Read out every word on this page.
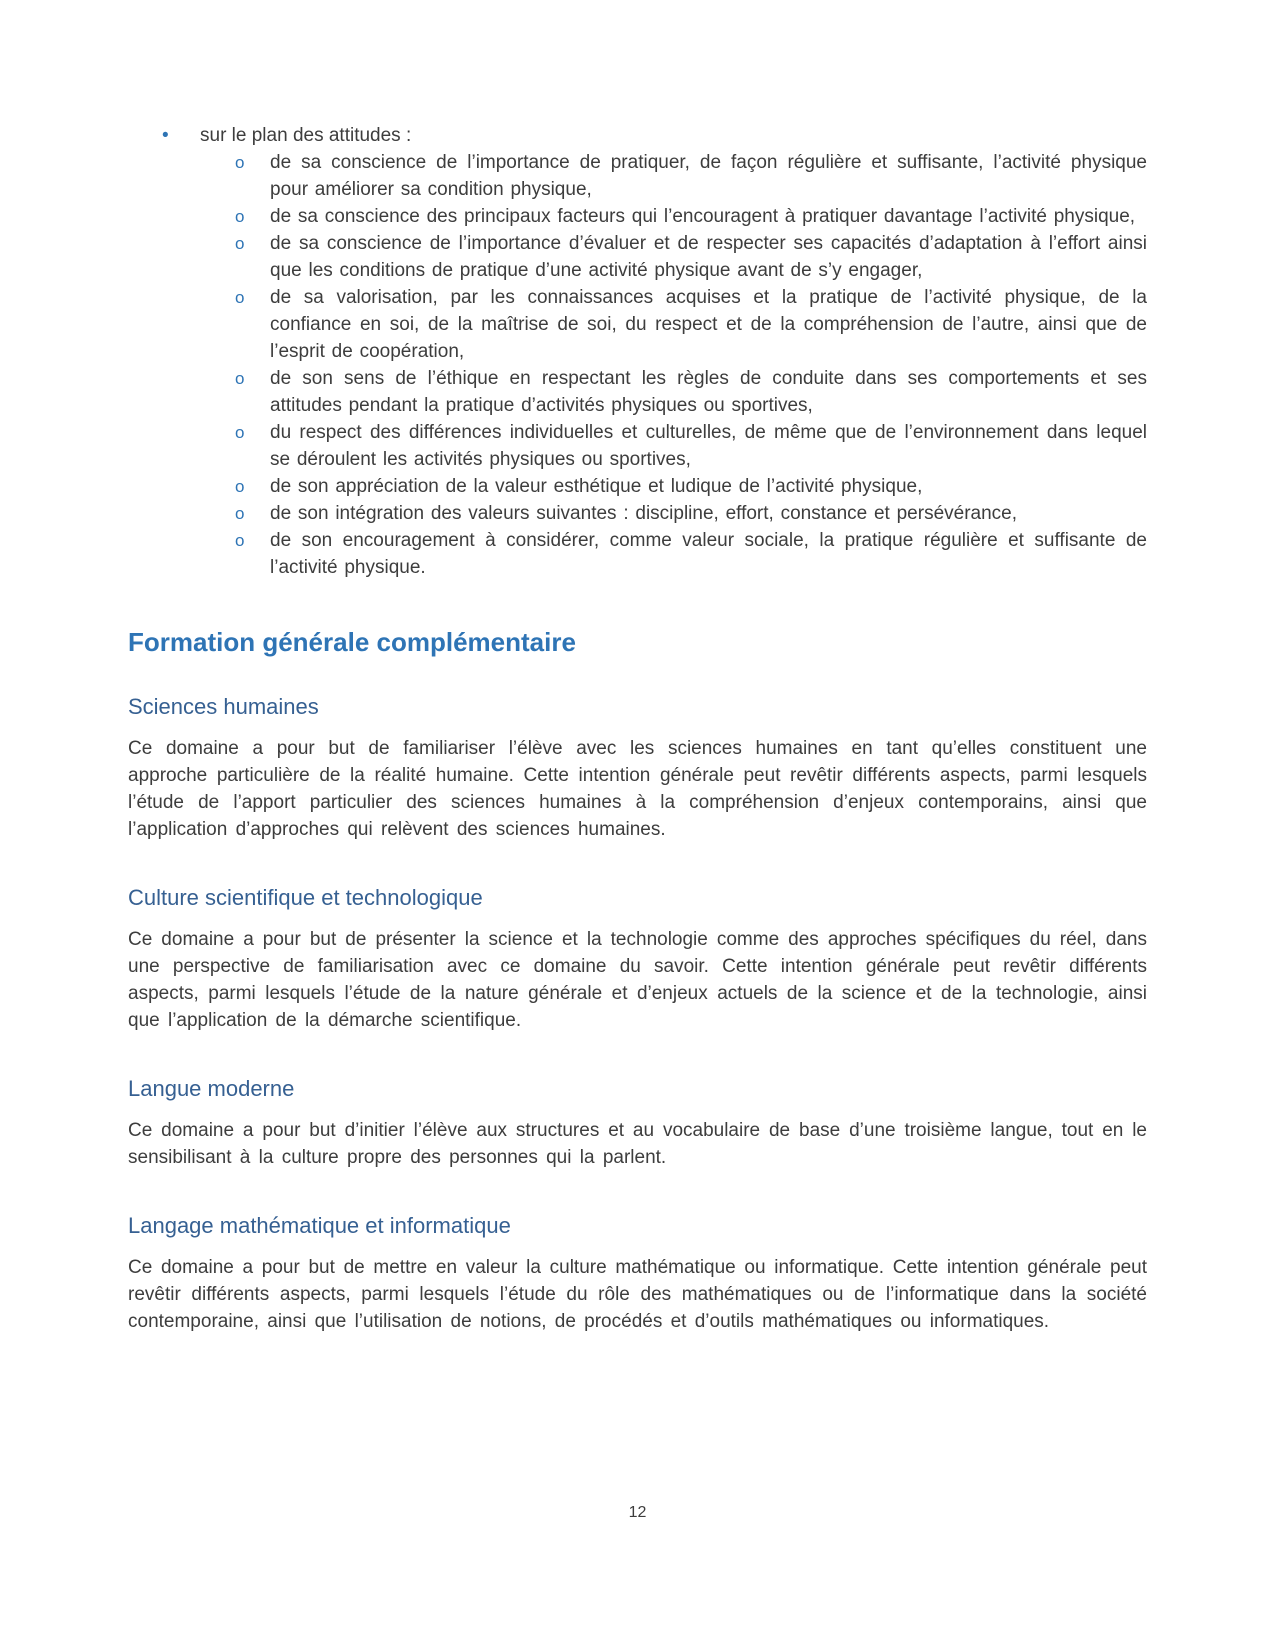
•	sur le plan des attitudes :
o	de sa conscience de l’importance de pratiquer, de façon régulière et suffisante, l’activité physique pour améliorer sa condition physique,
o	de sa conscience des principaux facteurs qui l’encouragent à pratiquer davantage l’activité physique,
o	de sa conscience de l’importance d’évaluer et de respecter ses capacités d’adaptation à l’effort ainsi que les conditions de pratique d’une activité physique avant de s’y engager,
o	de sa valorisation, par les connaissances acquises et la pratique de l’activité physique, de la confiance en soi, de la maîtrise de soi, du respect et de la compréhension de l’autre, ainsi que de l’esprit de coopération,
o	de son sens de l’éthique en respectant les règles de conduite dans ses comportements et ses attitudes pendant la pratique d’activités physiques ou sportives,
o	du respect des différences individuelles et culturelles, de même que de l’environnement dans lequel se déroulent les activités physiques ou sportives,
o	de son appréciation de la valeur esthétique et ludique de l’activité physique,
o	de son intégration des valeurs suivantes : discipline, effort, constance et persévérance,
o	de son encouragement à considérer, comme valeur sociale, la pratique régulière et suffisante de l’activité physique.
Formation générale complémentaire
Sciences humaines

Ce domaine a pour but de familiariser l’élève avec les sciences humaines en tant qu’elles constituent une approche particulière de la réalité humaine. Cette intention générale peut revêtir différents aspects, parmi lesquels l’étude de l’apport particulier des sciences humaines à la compréhension d’enjeux contemporains, ainsi que l’application d’approches qui relèvent des sciences humaines.

Culture scientifique et technologique

Ce domaine a pour but de présenter la science et la technologie comme des approches spécifiques du réel, dans une perspective de familiarisation avec ce domaine du savoir. Cette intention générale peut revêtir différents aspects, parmi lesquels l’étude de la nature générale et d’enjeux actuels de la science et de la technologie, ainsi que l’application de la démarche scientifique.

Langue moderne

Ce domaine a pour but d’initier l’élève aux structures et au vocabulaire de base d’une troisième langue, tout en le sensibilisant à la culture propre des personnes qui la parlent.

Langage mathématique et informatique

Ce domaine a pour but de mettre en valeur la culture mathématique ou informatique. Cette intention générale peut revêtir différents aspects, parmi lesquels l’étude du rôle des mathématiques ou de l’informatique dans la société contemporaine, ainsi que l’utilisation de notions, de procédés et d’outils mathématiques ou informatiques.

12
